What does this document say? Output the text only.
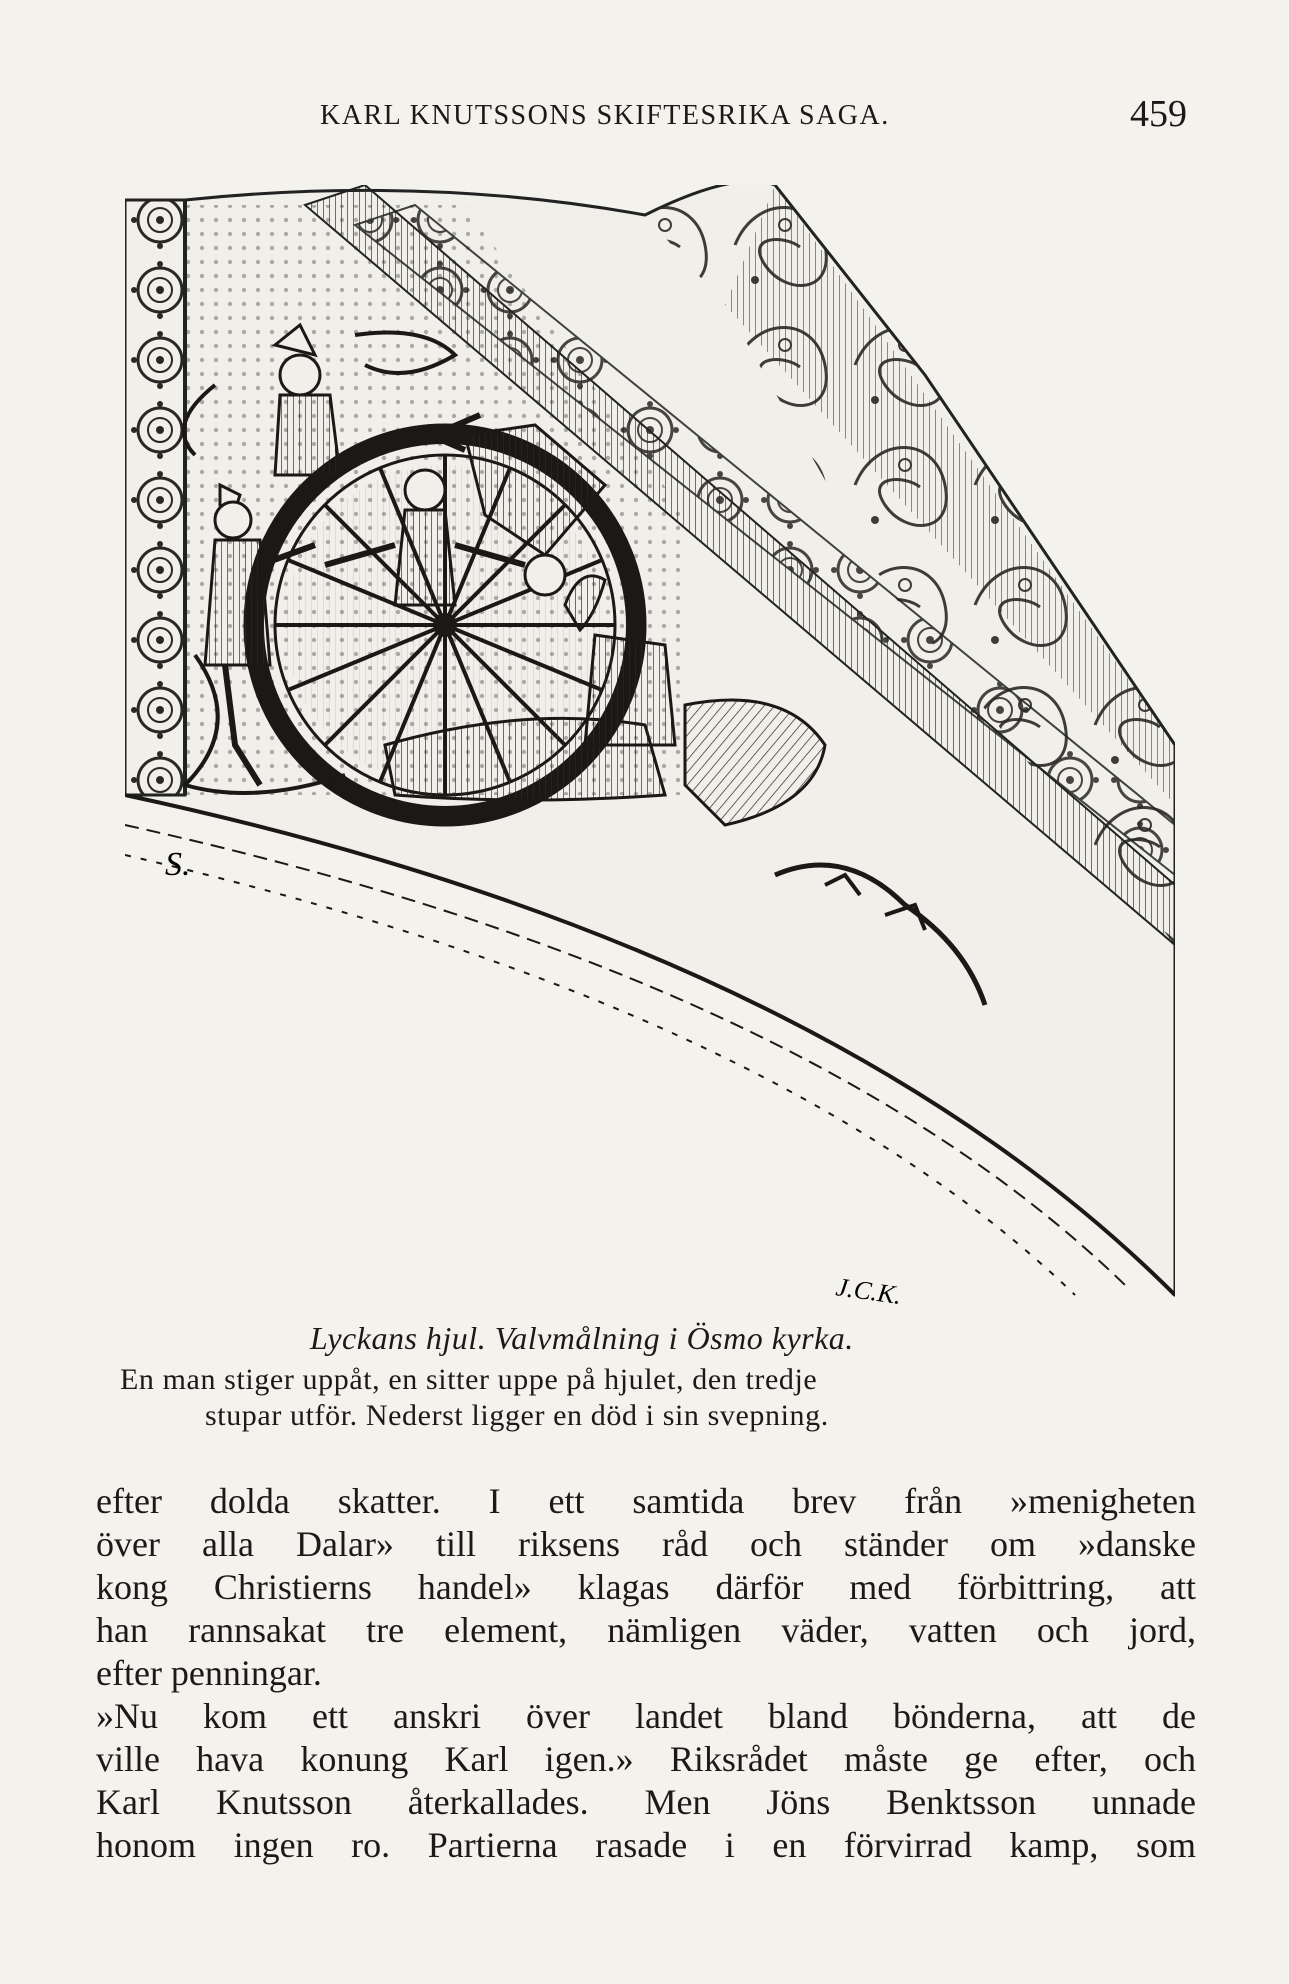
KARL KNUTSSONS SKIFTESRIKA SAGA.	459
S.
J.C.K.
Lyckans hjul. Valvmålning i Ösmo kyrka.
En man stiger uppåt, en sitter uppe på hjulet, den tredje
stupar utför. Nederst ligger en död i sin svepning.
efter dolda skatter. I ett samtida brev från »menigheten
över alla Dalar» till riksens råd och ständer om »danske
kong Christierns handel» klagas därför med förbittring, att
han rannsakat tre element, nämligen väder, vatten och jord,
efter penningar.
»Nu kom ett anskri över landet bland bönderna, att de
ville hava konung Karl igen.» Riksrådet måste ge efter, och
Karl Knutsson återkallades. Men Jöns Benktsson unnade
honom ingen ro. Partierna rasade i en förvirrad kamp, som
